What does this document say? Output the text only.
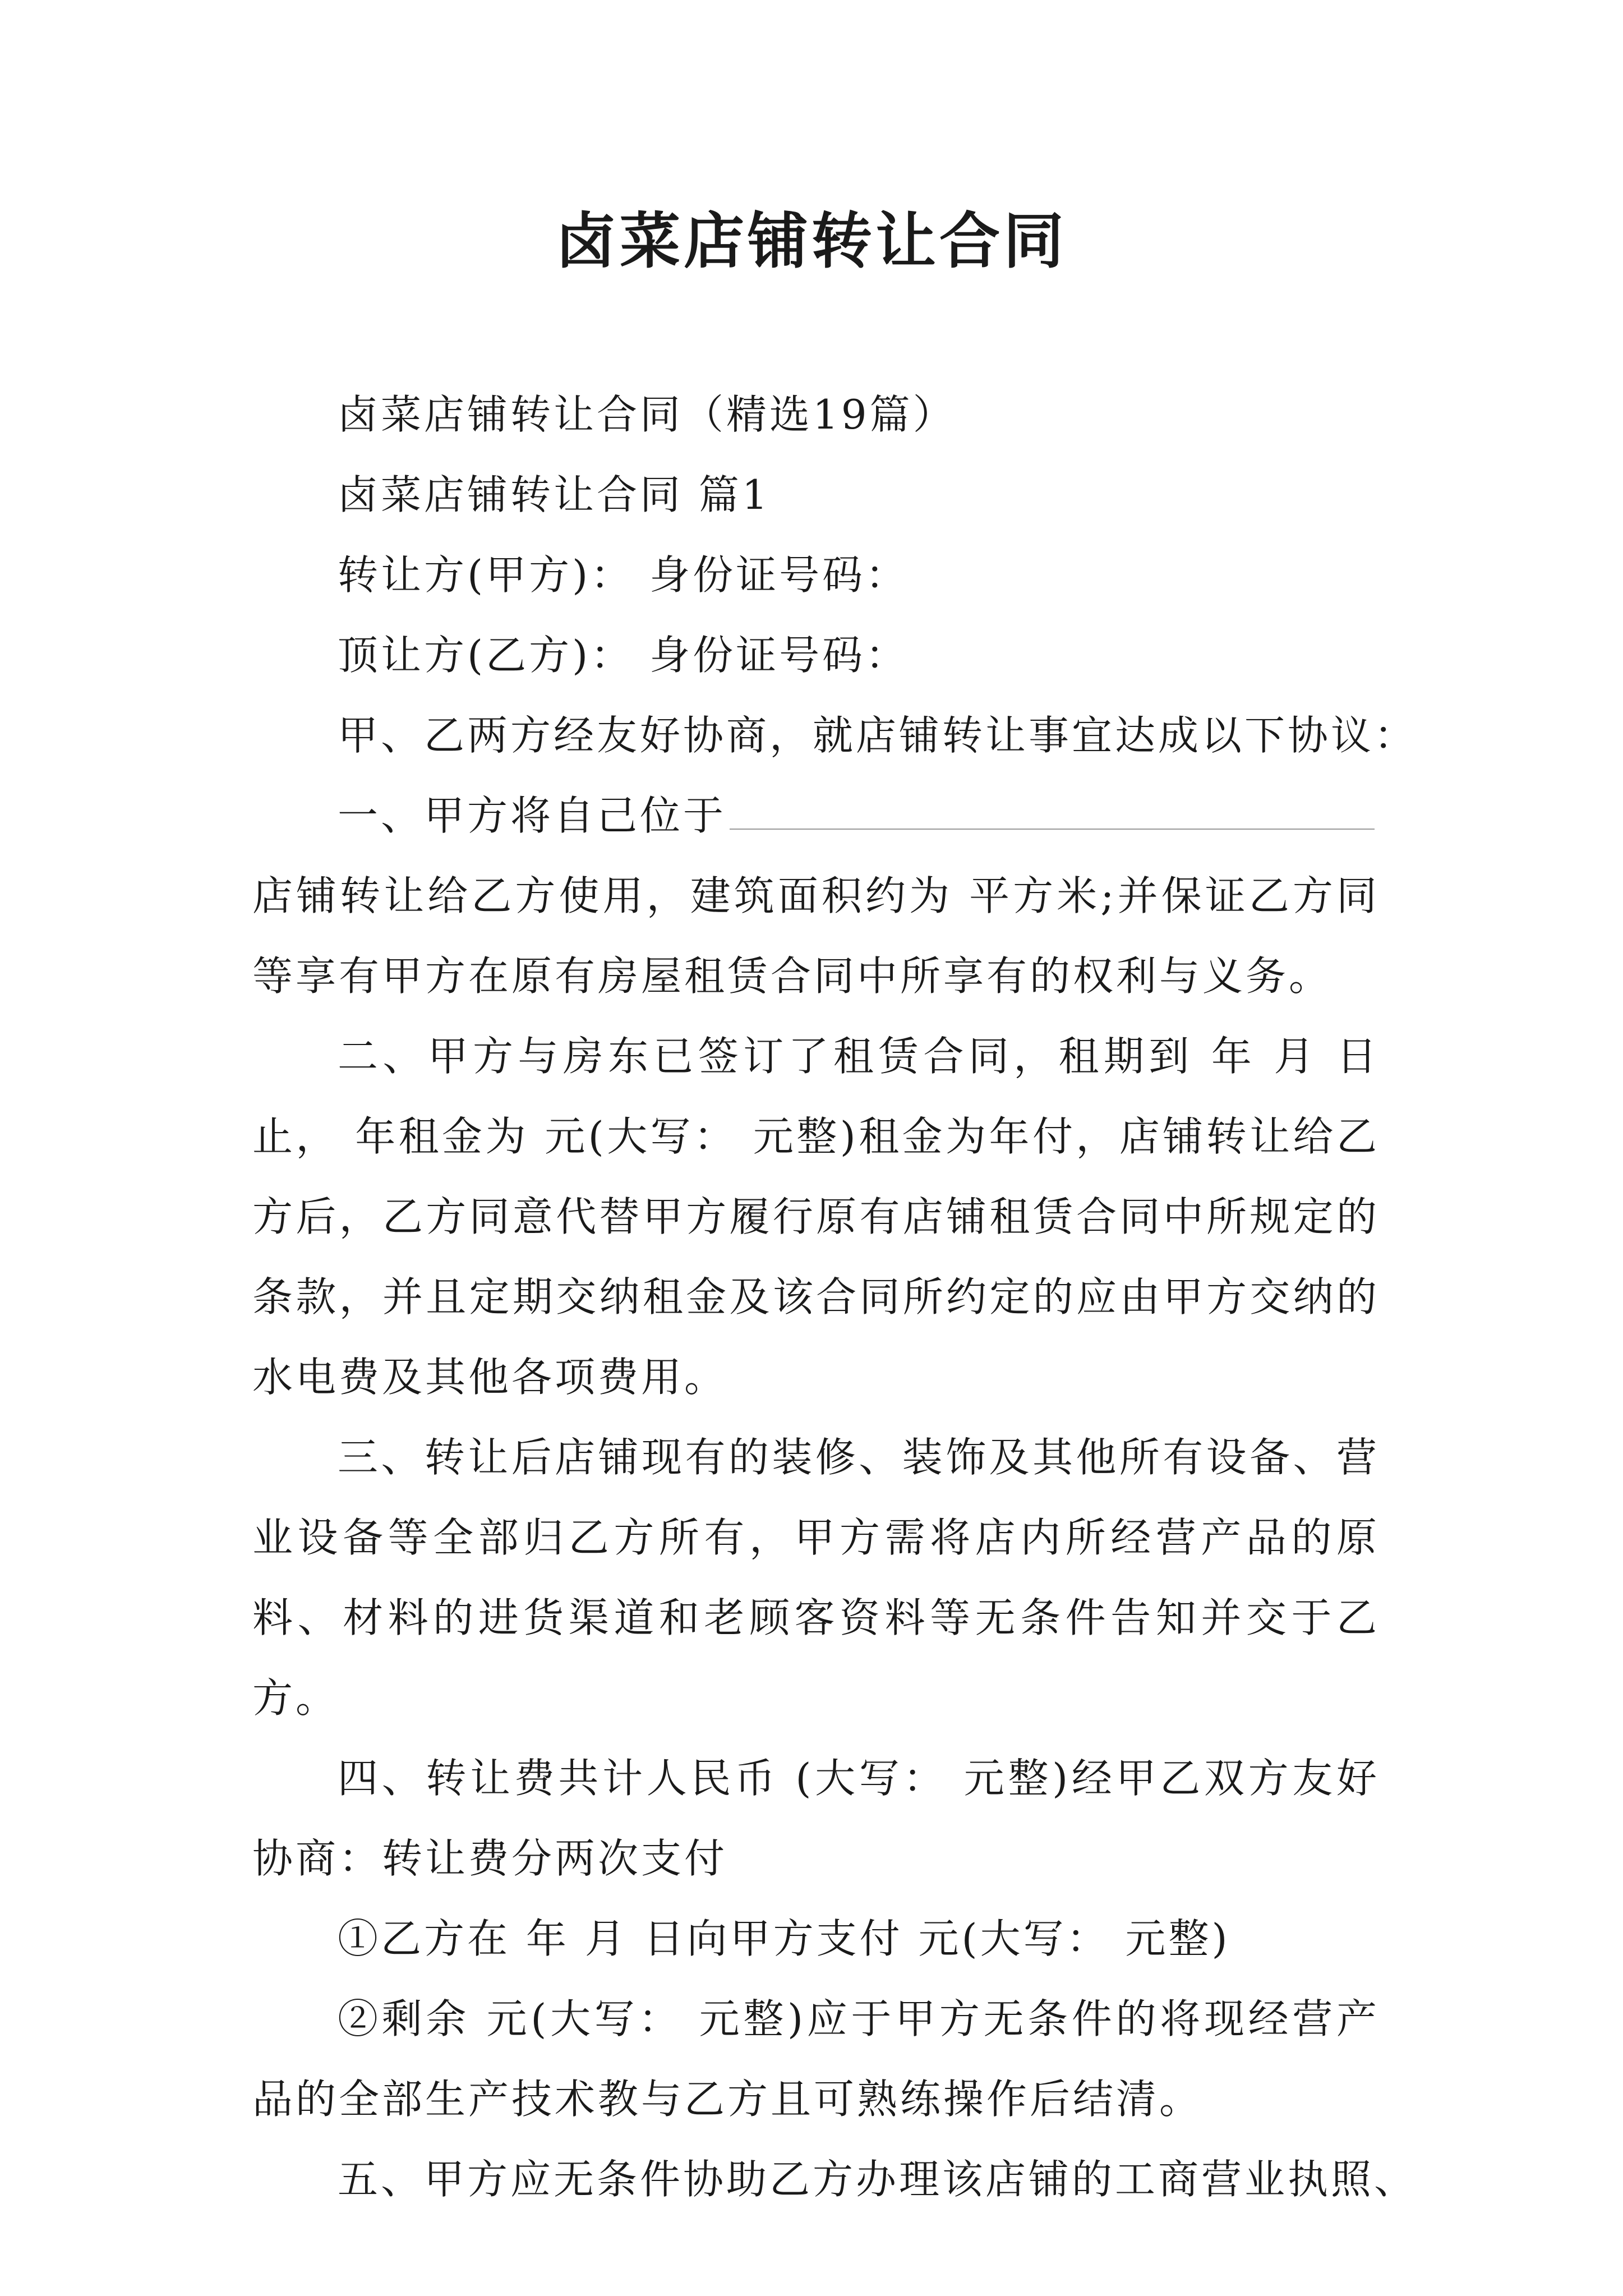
卤菜店铺转让合同

卤菜店铺转让合同（精选19篇）

卤菜店铺转让合同 篇1

转让方(甲方)： 身份证号码：

顶让方(乙方)： 身份证号码：

甲、乙两方经友好协商，就店铺转让事宜达成以下协议：

一、甲方将自己位于

店铺转让给乙方使用，建筑面积约为 平方米;并保证乙方同等享有甲方在原有房屋租赁合同中所享有的权利与义务。

二、甲方与房东已签订了租赁合同，租期到 年 月 日止， 年租金为 元(大写： 元整)租金为年付，店铺转让给乙方后，乙方同意代替甲方履行原有店铺租赁合同中所规定的条款，并且定期交纳租金及该合同所约定的应由甲方交纳的水电费及其他各项费用。

三、转让后店铺现有的装修、装饰及其他所有设备、营业设备等全部归乙方所有，甲方需将店内所经营产品的原料、材料的进货渠道和老顾客资料等无条件告知并交于乙方。

四、转让费共计人民币 (大写： 元整)经甲乙双方友好协商：转让费分两次支付

①乙方在 年 月 日向甲方支付 元(大写： 元整)

②剩余 元(大写： 元整)应于甲方无条件的将现经营产品的全部生产技术教与乙方且可熟练操作后结清。

五、甲方应无条件协助乙方办理该店铺的工商营业执照、
